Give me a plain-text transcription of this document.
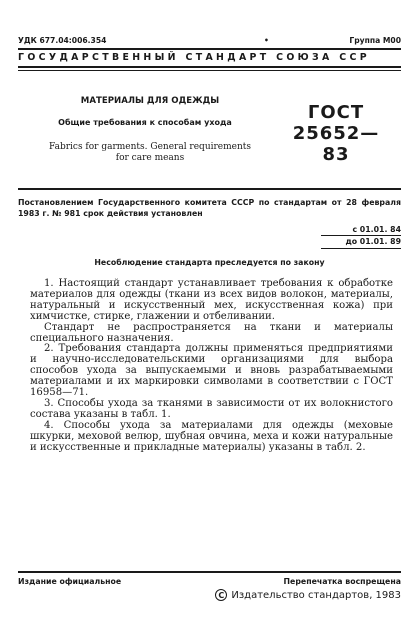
УДК 677.04:006.354	•	Группа М00
ГОСУДАРСТВЕННЫЙ СТАНДАРТ СОЮЗА ССР
МАТЕРИАЛЫ ДЛЯ ОДЕЖДЫ
Общие требования к способам ухода
Fabrics for garments. General requirements
for care means
ГОСТ
25652—83
Постановлением Государственного комитета СССР по стандартам от 28 февраля 1983 г. № 981 срок действия установлен
с 01.01. 84
до 01.01. 89
Несоблюдение стандарта преследуется по закону

1. Настоящий стандарт устанавливает требования к обработке материалов для одежды (ткани из всех видов волокон, материалы, натуральный и искусственный мех, искусственная кожа) при химчистке, стирке, глажении и отбеливании.

Стандарт не распространяется на ткани и материалы специального назначения.

2. Требования стандарта должны применяться предприятиями и научно-исследовательскими организациями для выбора способов ухода за выпускаемыми и вновь разрабатываемыми материалами и их маркировки символами в соответствии с ГОСТ 16958—71.

3. Способы ухода за тканями в зависимости от их волокнистого состава указаны в табл. 1.

4. Способы ухода за материалами для одежды (меховые шкурки, меховой велюр, шубная овчина, меха и кожи натуральные и искусственные и прикладные материалы) указаны в табл. 2.

Издание официальное	Перепечатка воспрещена
C Издательство стандартов, 1983
